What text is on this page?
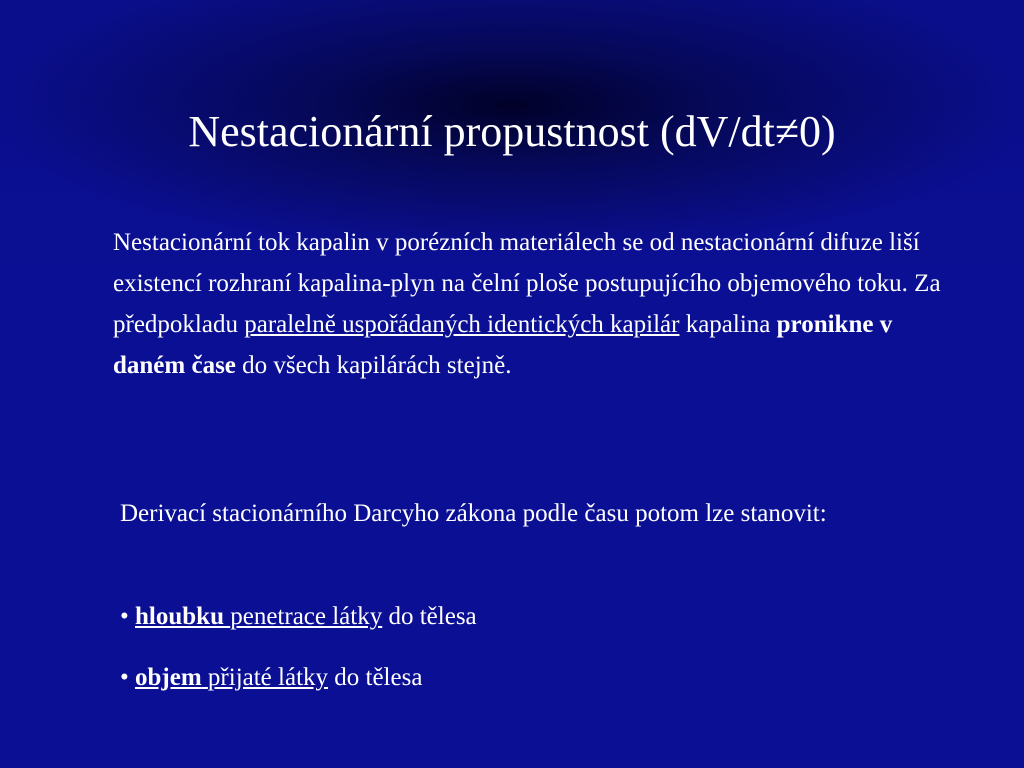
Nestacionární propustnost (dV/dt≠0)
Nestacionární tok kapalin v porézních materiálech se od nestacionární difuze liší existencí rozhraní kapalina-plyn na čelní ploše postupujícího objemového toku. Za předpokladu paralelně uspořádaných identických kapilár kapalina pronikne v daném čase do všech kapilárách stejně.
Derivací stacionárního Darcyho zákona podle času potom lze stanovit:
• hloubku penetrace látky do tělesa
• objem přijaté látky do tělesa
